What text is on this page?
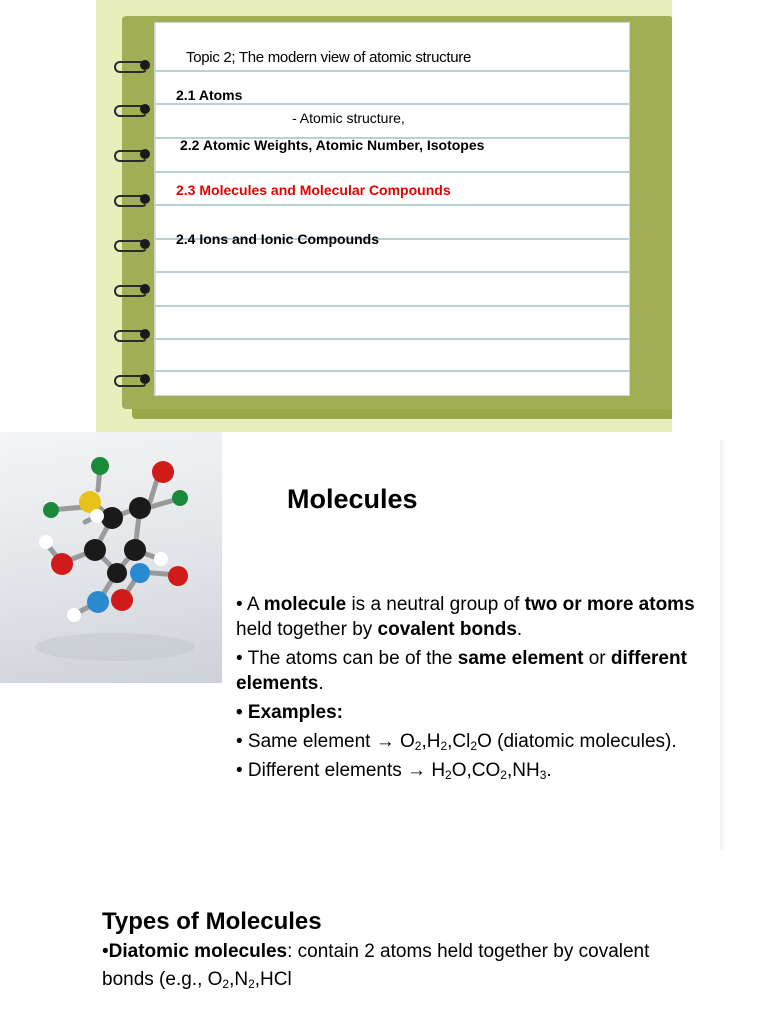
Topic 2; The modern view of atomic structure
2.1 Atoms
- Atomic structure,
2.2 Atomic Weights, Atomic Number, Isotopes
2.3 Molecules and Molecular Compounds
2.4 Ions and Ionic Compounds
Molecules
• A molecule is a neutral group of two or more atoms held together by covalent bonds.
• The atoms can be of the same element or different elements.
• Examples:
• Same element → $O_2,H_2,Cl_2O$ (diatomic molecules).
• Different elements → $H_2O,CO_2,NH_3$.
Types of Molecules
•Diatomic molecules: contain 2 atoms held together by covalent bonds (e.g., $O_2,N_2,HCl$
